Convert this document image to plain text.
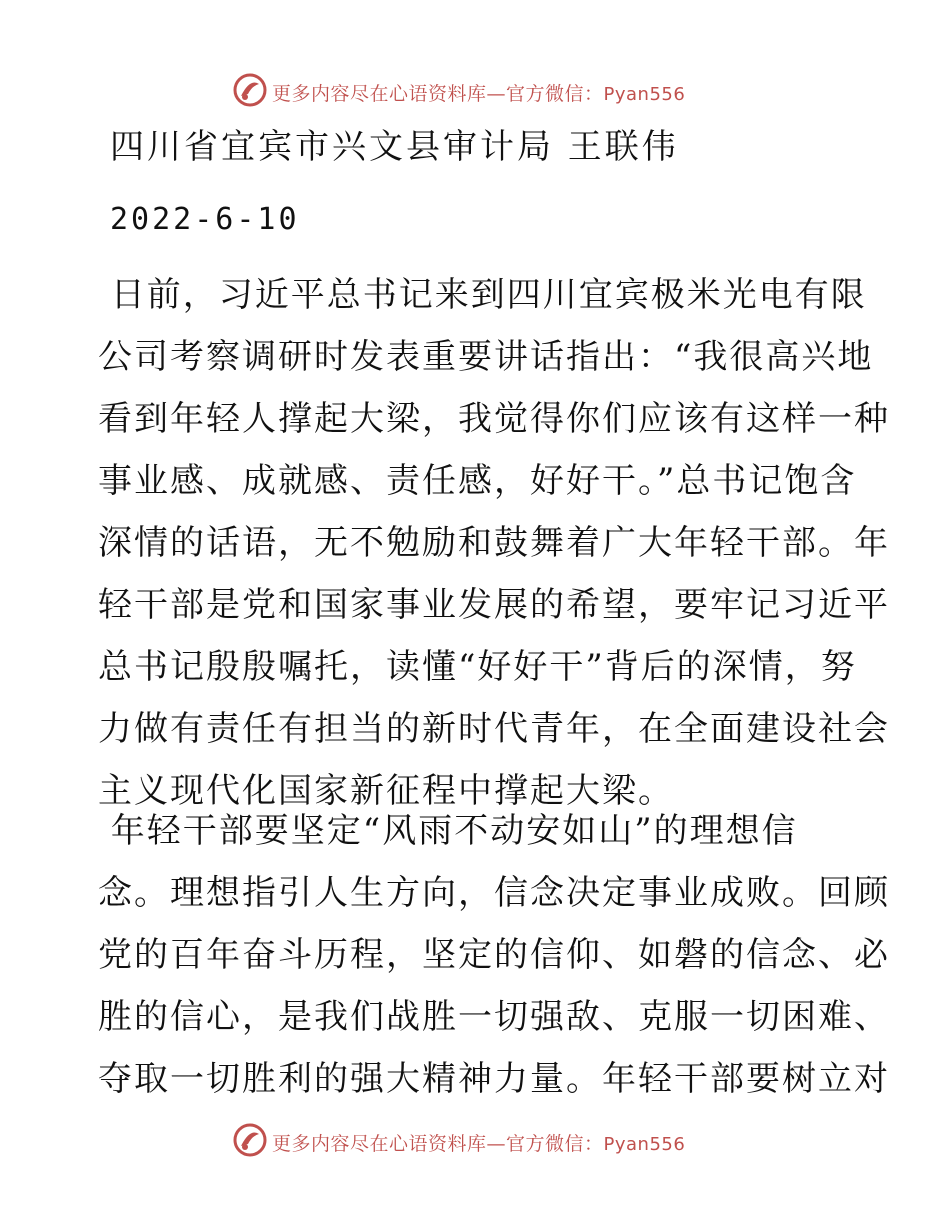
更多内容尽在心语资料库—官方微信：Pyan556
四川省宜宾市兴文县审计局 王联伟
2022-6-10
日前，习近平总书记来到四川宜宾极米光电有限
公司考察调研时发表重要讲话指出：“我很高兴地
看到年轻人撑起大梁，我觉得你们应该有这样一种
事业感、成就感、责任感，好好干。”总书记饱含
深情的话语，无不勉励和鼓舞着广大年轻干部。年
轻干部是党和国家事业发展的希望，要牢记习近平
总书记殷殷嘱托，读懂“好好干”背后的深情，努
力做有责任有担当的新时代青年，在全面建设社会
主义现代化国家新征程中撑起大梁。
年轻干部要坚定“风雨不动安如山”的理想信
念。理想指引人生方向，信念决定事业成败。回顾
党的百年奋斗历程，坚定的信仰、如磐的信念、必
胜的信心，是我们战胜一切强敌、克服一切困难、
夺取一切胜利的强大精神力量。年轻干部要树立对
更多内容尽在心语资料库—官方微信：Pyan556
